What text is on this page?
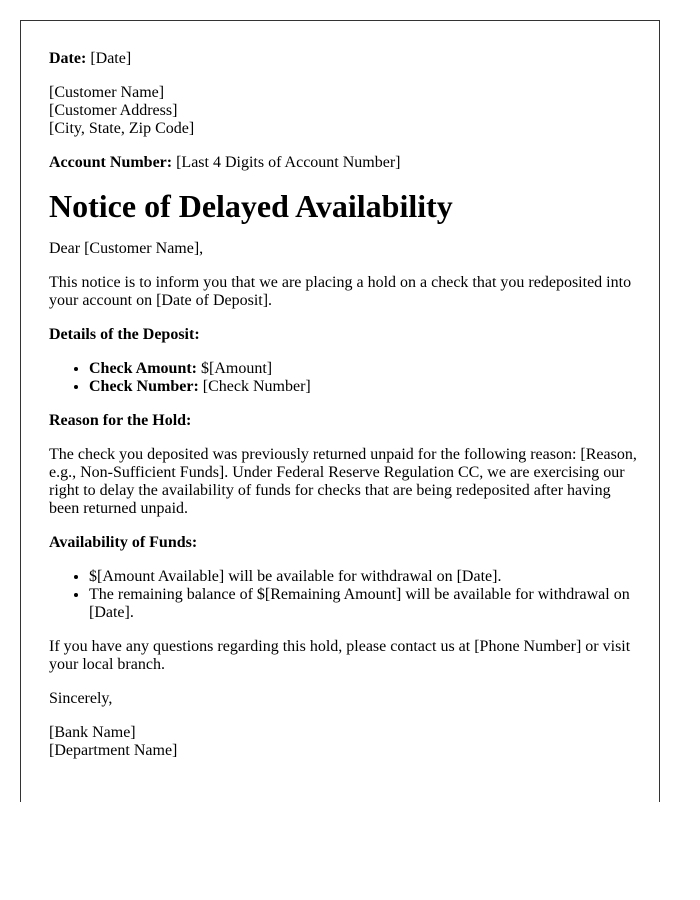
Date: [Date]

[Customer Name]
[Customer Address]
[City, State, Zip Code]

Account Number: [Last 4 Digits of Account Number]

Notice of Delayed Availability

Dear [Customer Name],

This notice is to inform you that we are placing a hold on a check that you redeposited into your account on [Date of Deposit].

Details of the Deposit:

• Check Amount: $[Amount]
• Check Number: [Check Number]

Reason for the Hold:

The check you deposited was previously returned unpaid for the following reason: [Reason, e.g., Non-Sufficient Funds]. Under Federal Reserve Regulation CC, we are exercising our right to delay the availability of funds for checks that are being redeposited after having been returned unpaid.

Availability of Funds:

• $[Amount Available] will be available for withdrawal on [Date].
• The remaining balance of $[Remaining Amount] will be available for withdrawal on [Date].

If you have any questions regarding this hold, please contact us at [Phone Number] or visit your local branch.

Sincerely,

[Bank Name]
[Department Name]
